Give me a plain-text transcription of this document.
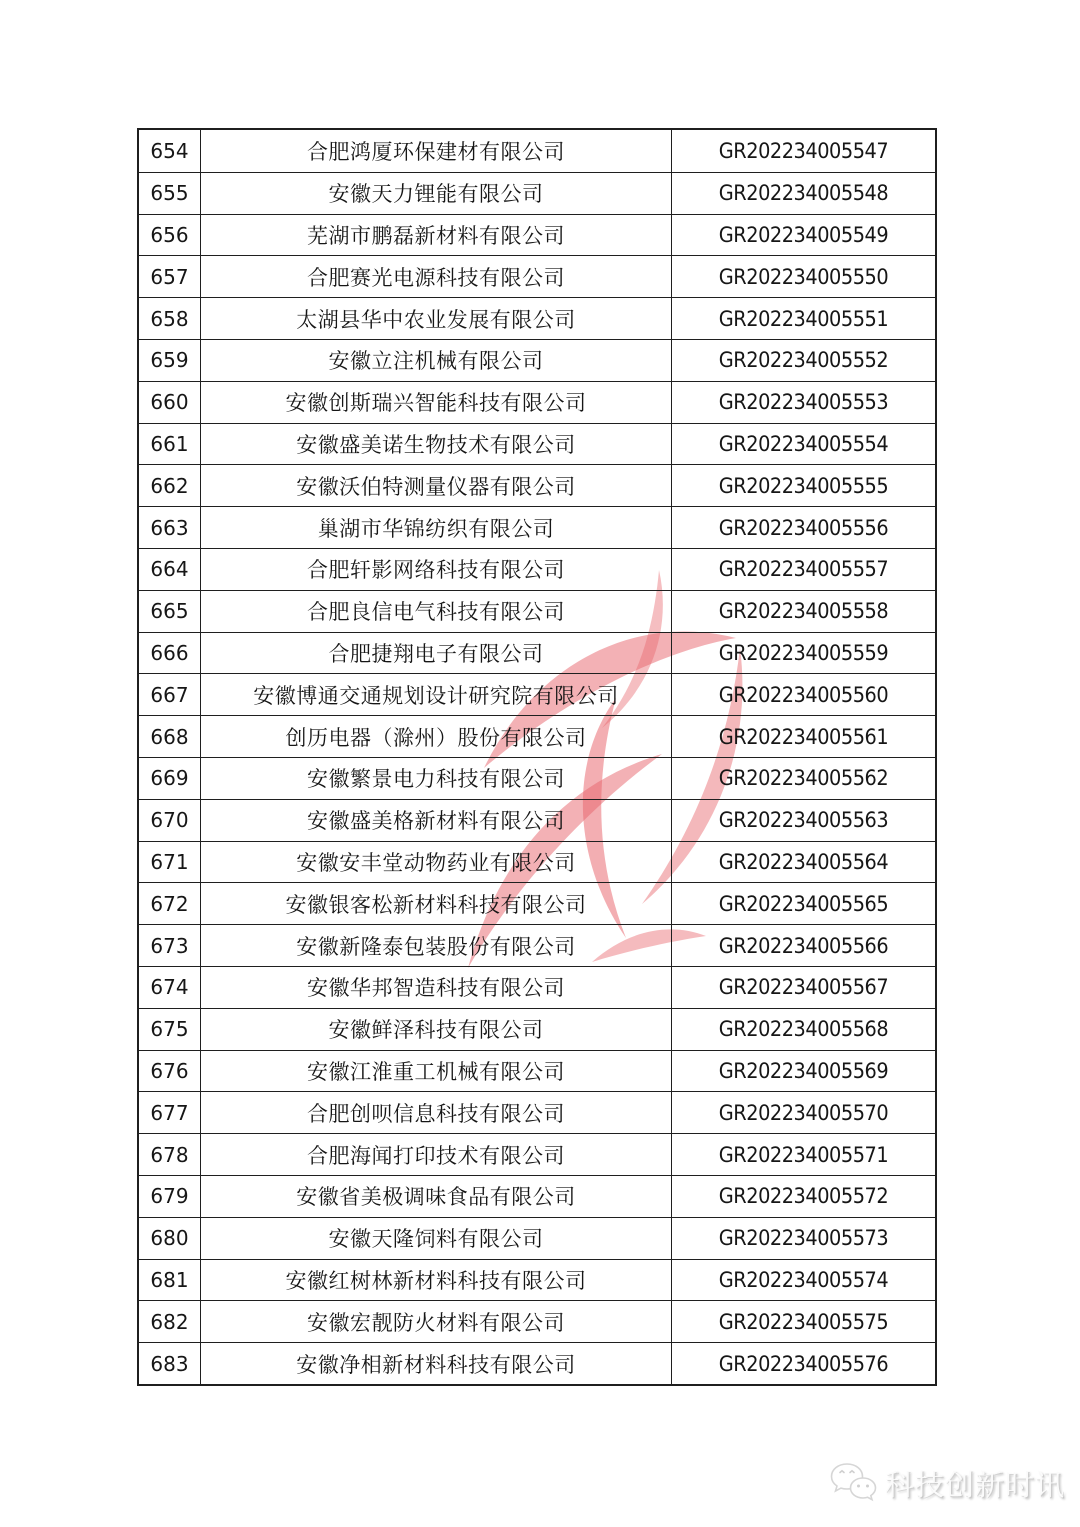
654	合肥鸿厦环保建材有限公司	GR202234005547
655	安徽天力锂能有限公司	GR202234005548
656	芜湖市鹏磊新材料有限公司	GR202234005549
657	合肥赛光电源科技有限公司	GR202234005550
658	太湖县华中农业发展有限公司	GR202234005551
659	安徽立注机械有限公司	GR202234005552
660	安徽创斯瑞兴智能科技有限公司	GR202234005553
661	安徽盛美诺生物技术有限公司	GR202234005554
662	安徽沃伯特测量仪器有限公司	GR202234005555
663	巢湖市华锦纺织有限公司	GR202234005556
664	合肥轩影网络科技有限公司	GR202234005557
665	合肥良信电气科技有限公司	GR202234005558
666	合肥捷翔电子有限公司	GR202234005559
667	安徽博通交通规划设计研究院有限公司	GR202234005560
668	创历电器（滁州）股份有限公司	GR202234005561
669	安徽繁景电力科技有限公司	GR202234005562
670	安徽盛美格新材料有限公司	GR202234005563
671	安徽安丰堂动物药业有限公司	GR202234005564
672	安徽银客松新材料科技有限公司	GR202234005565
673	安徽新隆泰包装股份有限公司	GR202234005566
674	安徽华邦智造科技有限公司	GR202234005567
675	安徽鲜泽科技有限公司	GR202234005568
676	安徽江淮重工机械有限公司	GR202234005569
677	合肥创呗信息科技有限公司	GR202234005570
678	合肥海闻打印技术有限公司	GR202234005571
679	安徽省美极调味食品有限公司	GR202234005572
680	安徽天隆饲料有限公司	GR202234005573
681	安徽红树林新材料科技有限公司	GR202234005574
682	安徽宏靓防火材料有限公司	GR202234005575
683	安徽净相新材料科技有限公司	GR202234005576
科技创新时讯
